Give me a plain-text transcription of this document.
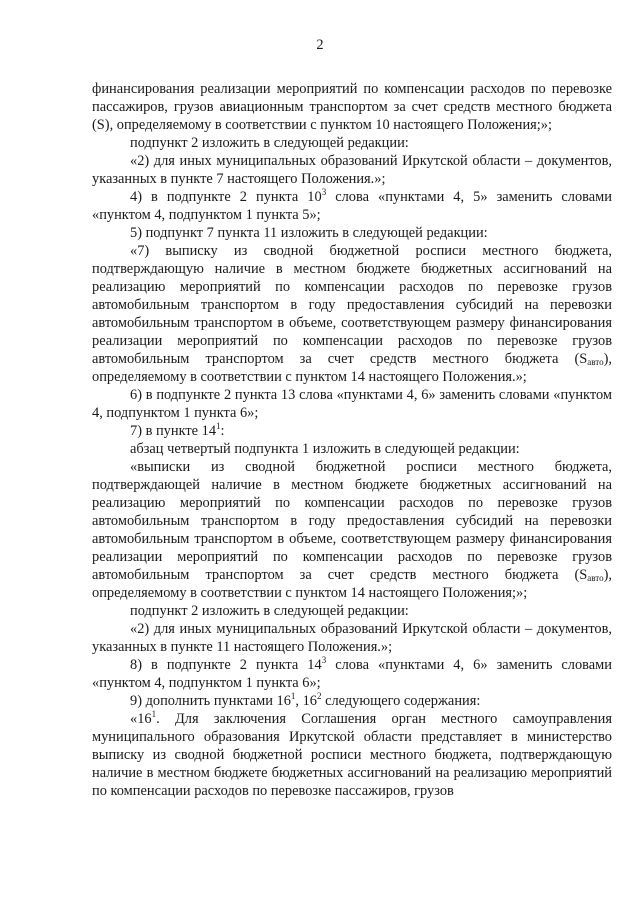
2

финансирования реализации мероприятий по компенсации расходов по перевозке пассажиров, грузов авиационным транспортом за счет средств местного бюджета (S), определяемому в соответствии с пунктом 10 настоящего Положения;»;

подпункт 2 изложить в следующей редакции:

«2) для иных муниципальных образований Иркутской области – документов, указанных в пункте 7 настоящего Положения.»;

4) в подпункте 2 пункта $10^3$ слова «пунктами 4, 5» заменить словами «пунктом 4, подпунктом 1 пункта 5»;

5) подпункт 7 пункта 11 изложить в следующей редакции:

«7) выписку из сводной бюджетной росписи местного бюджета, подтверждающую наличие в местном бюджете бюджетных ассигнований на реализацию мероприятий по компенсации расходов по перевозке грузов автомобильным транспортом в году предоставления субсидий на перевозки автомобильным транспортом в объеме, соответствующем размеру финансирования реализации мероприятий по компенсации расходов по перевозке грузов автомобильным транспортом за счет средств местного бюджета $(S_{авто})$, определяемому в соответствии с пунктом 14 настоящего Положения.»;

6) в подпункте 2 пункта 13 слова «пунктами 4, 6» заменить словами «пунктом 4, подпунктом 1 пункта 6»;

7) в пункте $14^1$:

абзац четвертый подпункта 1 изложить в следующей редакции:

«выписки из сводной бюджетной росписи местного бюджета, подтверждающей наличие в местном бюджете бюджетных ассигнований на реализацию мероприятий по компенсации расходов по перевозке грузов автомобильным транспортом в году предоставления субсидий на перевозки автомобильным транспортом в объеме, соответствующем размеру финансирования реализации мероприятий по компенсации расходов по перевозке грузов автомобильным транспортом за счет средств местного бюджета $(S_{авто})$, определяемому в соответствии с пунктом 14 настоящего Положения;»;

подпункт 2 изложить в следующей редакции:

«2) для иных муниципальных образований Иркутской области – документов, указанных в пункте 11 настоящего Положения.»;

8) в подпункте 2 пункта $14^3$ слова «пунктами 4, 6» заменить словами «пунктом 4, подпунктом 1 пункта 6»;

9) дополнить пунктами $16^1$, $16^2$ следующего содержания:

«$16^1$. Для заключения Соглашения орган местного самоуправления муниципального образования Иркутской области представляет в министерство выписку из сводной бюджетной росписи местного бюджета, подтверждающую наличие в местном бюджете бюджетных ассигнований на реализацию мероприятий по компенсации расходов по перевозке пассажиров, грузов
